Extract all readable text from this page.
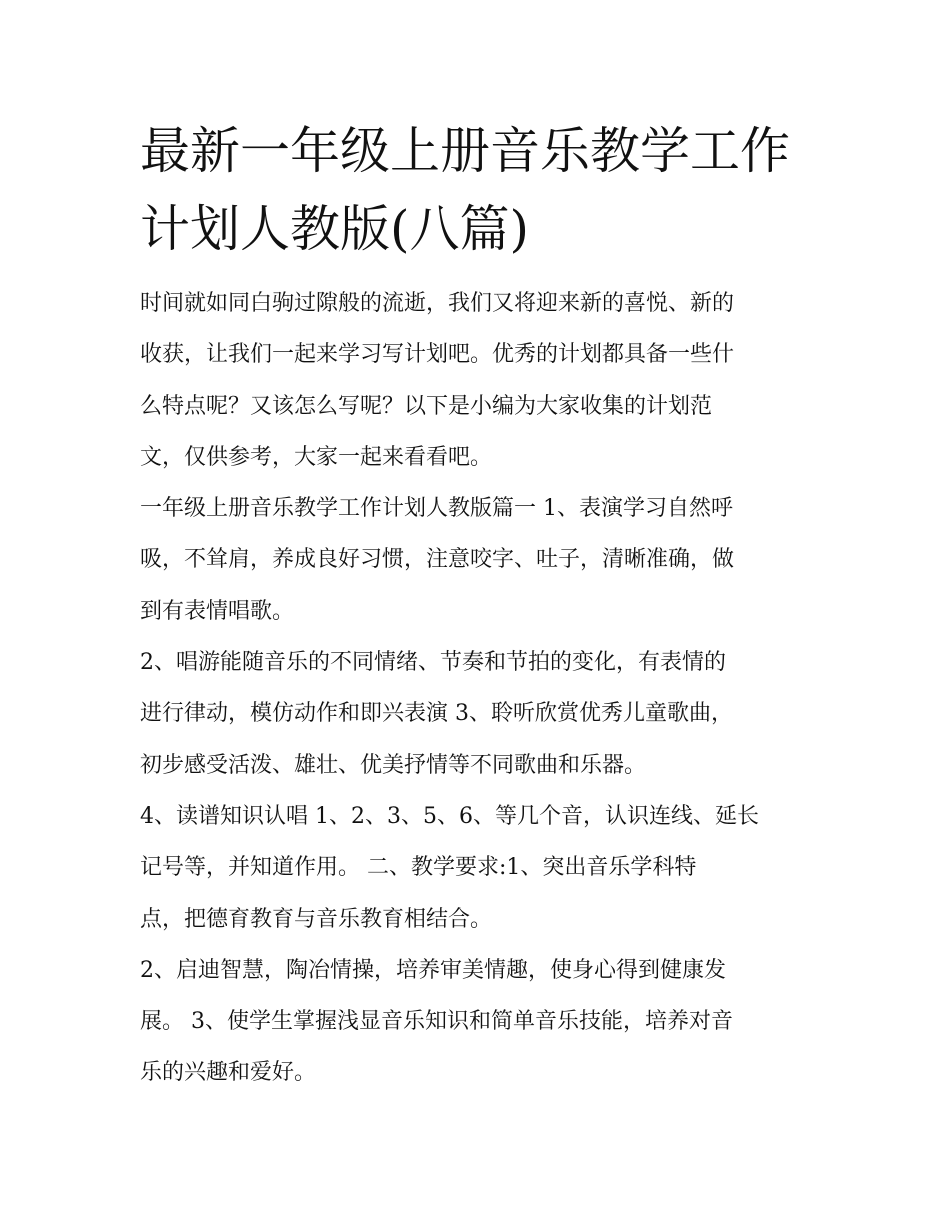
最新一年级上册音乐教学工作
计划人教版(八篇)
时间就如同白驹过隙般的流逝，我们又将迎来新的喜悦、新的
收获，让我们一起来学习写计划吧。优秀的计划都具备一些什
么特点呢？又该怎么写呢？以下是小编为大家收集的计划范
文，仅供参考，大家一起来看看吧。
一年级上册音乐教学工作计划人教版篇一 1、表演学习自然呼
吸，不耸肩，养成良好习惯，注意咬字、吐子，清晰准确，做
到有表情唱歌。
2、唱游能随音乐的不同情绪、节奏和节拍的变化，有表情的
进行律动，模仿动作和即兴表演 3、聆听欣赏优秀儿童歌曲，
初步感受活泼、雄壮、优美抒情等不同歌曲和乐器。
4、读谱知识认唱 1、2、3、5、6、等几个音，认识连线、延长
记号等，并知道作用。 二、教学要求:1、突出音乐学科特
点，把德育教育与音乐教育相结合。
2、启迪智慧，陶冶情操，培养审美情趣，使身心得到健康发
展。 3、使学生掌握浅显音乐知识和简单音乐技能，培养对音
乐的兴趣和爱好。
